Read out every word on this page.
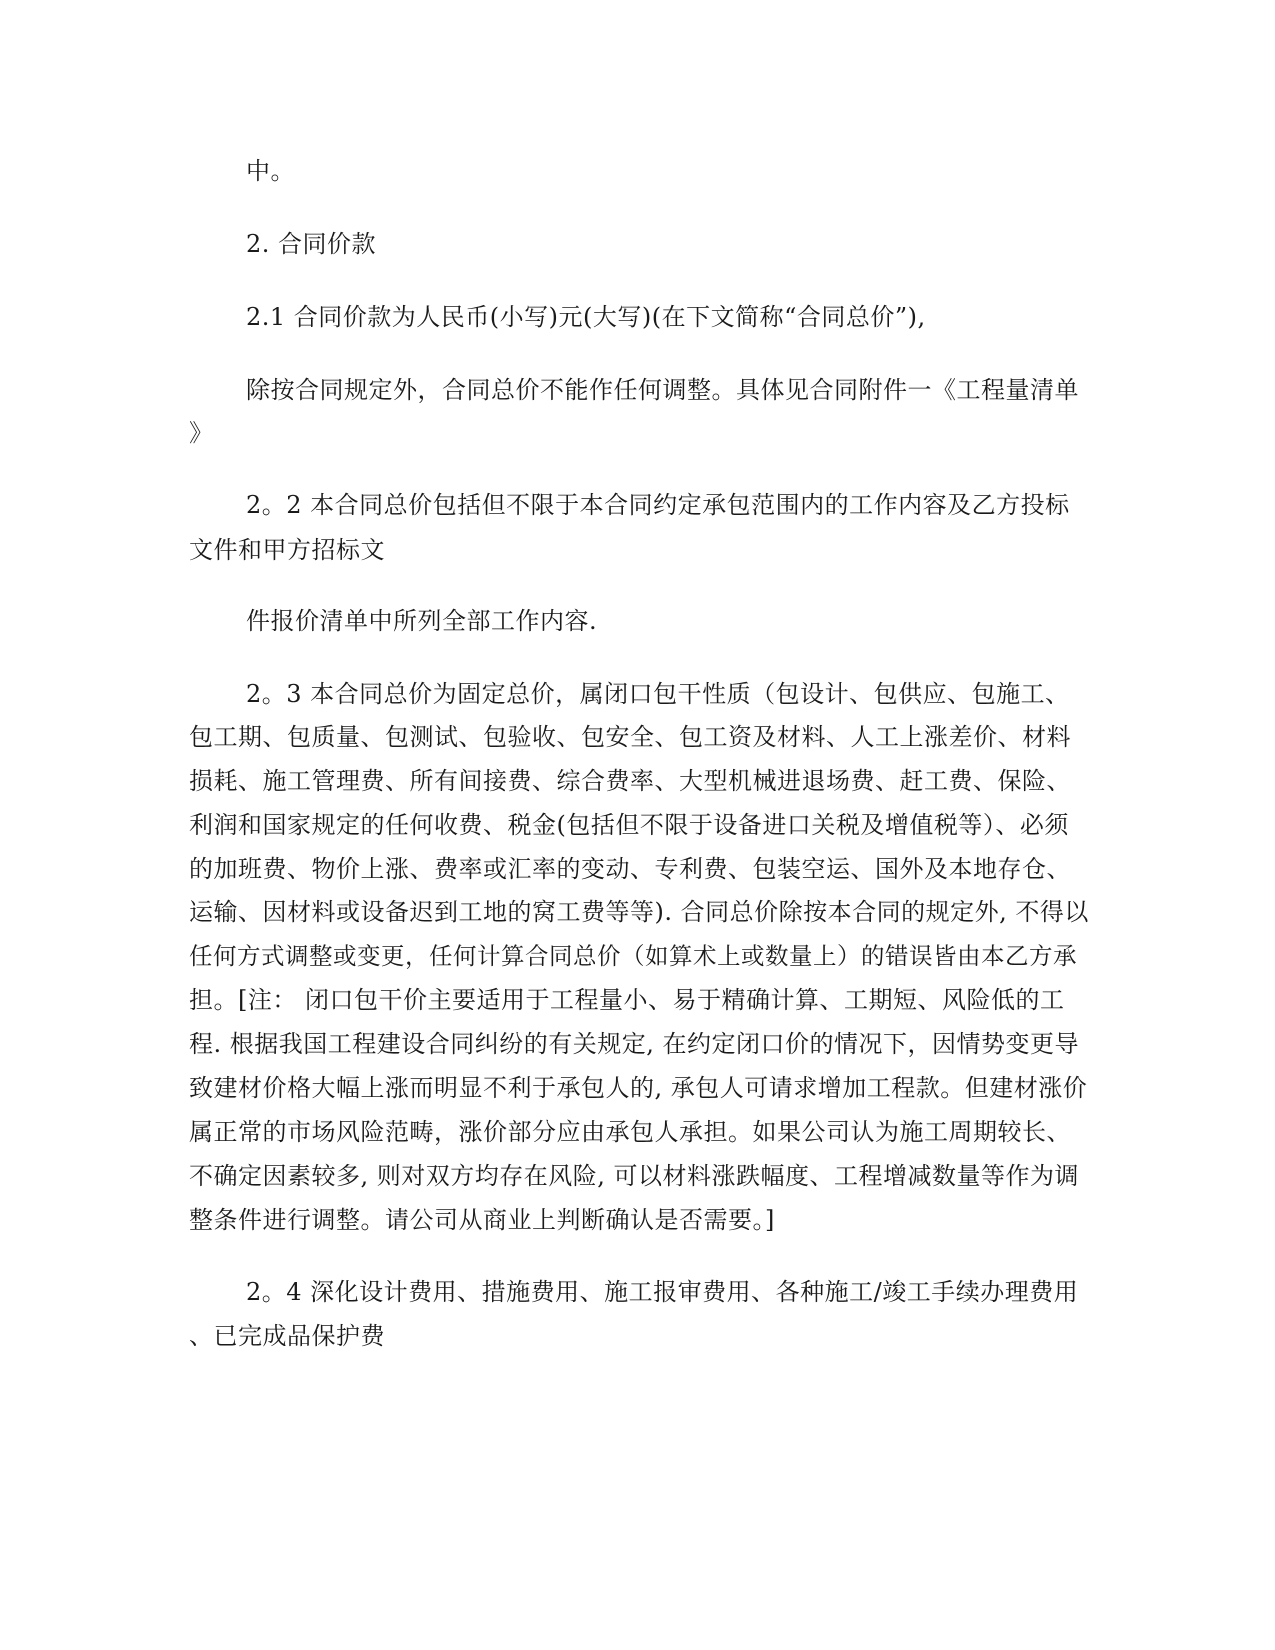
中。

2. 合同价款

2.1 合同价款为人民币(小写)元(大写)(在下文简称“合同总价”),

除按合同规定外，合同总价不能作任何调整。具体见合同附件一《工程量清单

》

2。2 本合同总价包括但不限于本合同约定承包范围内的工作内容及乙方投标

文件和甲方招标文

件报价清单中所列全部工作内容.

2。3 本合同总价为固定总价，属闭口包干性质（包设计、包供应、包施工、

包工期、包质量、包测试、包验收、包安全、包工资及材料、人工上涨差价、材料

损耗、施工管理费、所有间接费、综合费率、大型机械进退场费、赶工费、保险、

利润和国家规定的任何收费、税金(包括但不限于设备进口关税及增值税等）、必须

的加班费、物价上涨、费率或汇率的变动、专利费、包装空运、国外及本地存仓、

运输、因材料或设备迟到工地的窝工费等等). 合同总价除按本合同的规定外, 不得以

任何方式调整或变更，任何计算合同总价（如算术上或数量上）的错误皆由本乙方承

担。[注： 闭口包干价主要适用于工程量小、易于精确计算、工期短、风险低的工

程. 根据我国工程建设合同纠纷的有关规定, 在约定闭口价的情况下，因情势变更导

致建材价格大幅上涨而明显不利于承包人的, 承包人可请求增加工程款。但建材涨价

属正常的市场风险范畴，涨价部分应由承包人承担。如果公司认为施工周期较长、

不确定因素较多, 则对双方均存在风险, 可以材料涨跌幅度、工程增减数量等作为调

整条件进行调整。请公司从商业上判断确认是否需要。]

2。4 深化设计费用、措施费用、施工报审费用、各种施工/竣工手续办理费用

、已完成品保护费
